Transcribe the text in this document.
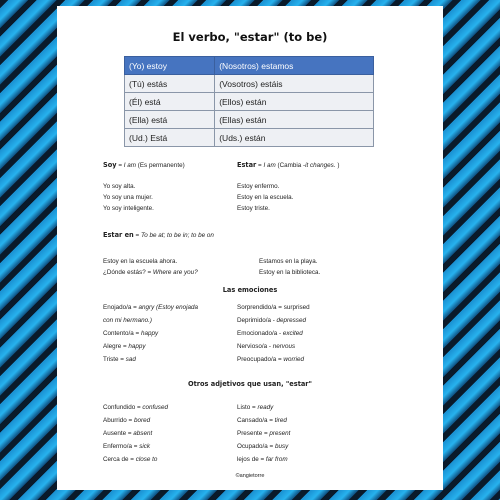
El verbo, "estar" (to be)
(Yo) estoy	(Nosotros) estamos
(Tú) estás	(Vosotros) estáis
(Él) está	(Ellos) están
(Ella) está	(Ellas) están
(Ud.) Está	(Uds.) están
Soy = I am (Es permanente)	Estar = I am (Cambia -it changes. )
Yo soy alta.
Yo soy una mujer.
Yo soy inteligente.
Estoy enfermo.
Estoy en la escuela.
Estoy triste.
Estar en = To be at; to be in; to be on
Estoy en la escuela ahora.
¿Dónde estás? = Where are you?
Estamos en la playa.
Estoy en la biblioteca.
Las emociones
Enojado/a = angry (Estoy enojada
con mi hermano.)
Contento/a = happy
Alegre = happy
Triste = sad
Sorprendido/a = surprised
Deprimido/a - depressed
Emocionado/a - excited
Nervioso/a - nervous
Preocupado/a = worried
Otros adjetivos que usan, "estar"
Confundido = confused
Aburrido = bored
Ausente = absent
Enfermo/a = sick
Cerca de = close to
Listo = ready
Cansado/a = tired
Presente = present
Ocupado/a = busy
lejos de = far from
©angietorre
